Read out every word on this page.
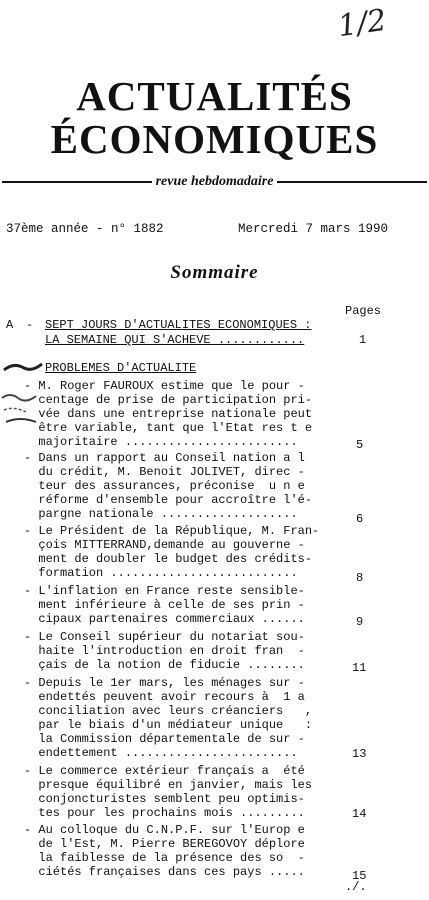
1/2
ACTUALITÉS
ÉCONOMIQUES
revue hebdomadaire
37ème année - n° 1882	Mercredi 7 mars 1990
Sommaire
Pages
A - SEPT JOURS D'ACTUALITES ECONOMIQUES :
LA SEMAINE QUI S'ACHEVE ............	1
PROBLEMES D'ACTUALITE
- M. Roger FAUROUX estime que le pour -
centage de prise de participation pri-
vée dans une entreprise nationale peut
être variable, tant que l'Etat res t e
majoritaire ........................	5
- Dans un rapport au Conseil nation a l
du crédit, M. Benoit JOLIVET, direc -
teur des assurances, préconise  u n e
réforme d'ensemble pour accroître l'é-
pargne nationale ...................	6
- Le Président de la République, M. Fran-
çois MITTERRAND,demande au gouverne -
ment de doubler le budget des crédits-
formation ..........................	8
- L'inflation en France reste sensible-
ment inférieure à celle de ses prin -
cipaux partenaires commerciaux ......	9
- Le Conseil supérieur du notariat sou-
haite l'introduction en droit fran  -
çais de la notion de fiducie ........	11
- Depuis le 1er mars, les ménages sur -
endettés peuvent avoir recours à  1 a
conciliation avec leurs créanciers   ,
par le biais d'un médiateur unique   :
la Commission départementale de sur -
endettement ........................	13
- Le commerce extérieur français a  été
presque équilibré en janvier, mais les
conjoncturistes semblent peu optimis-
tes pour les prochains mois .........	14
- Au colloque du C.N.P.F. sur l'Europ e
de l'Est, M. Pierre BEREGOVOY déplore
la faiblesse de la présence des so  -
ciétés françaises dans ces pays .....	15
./.
